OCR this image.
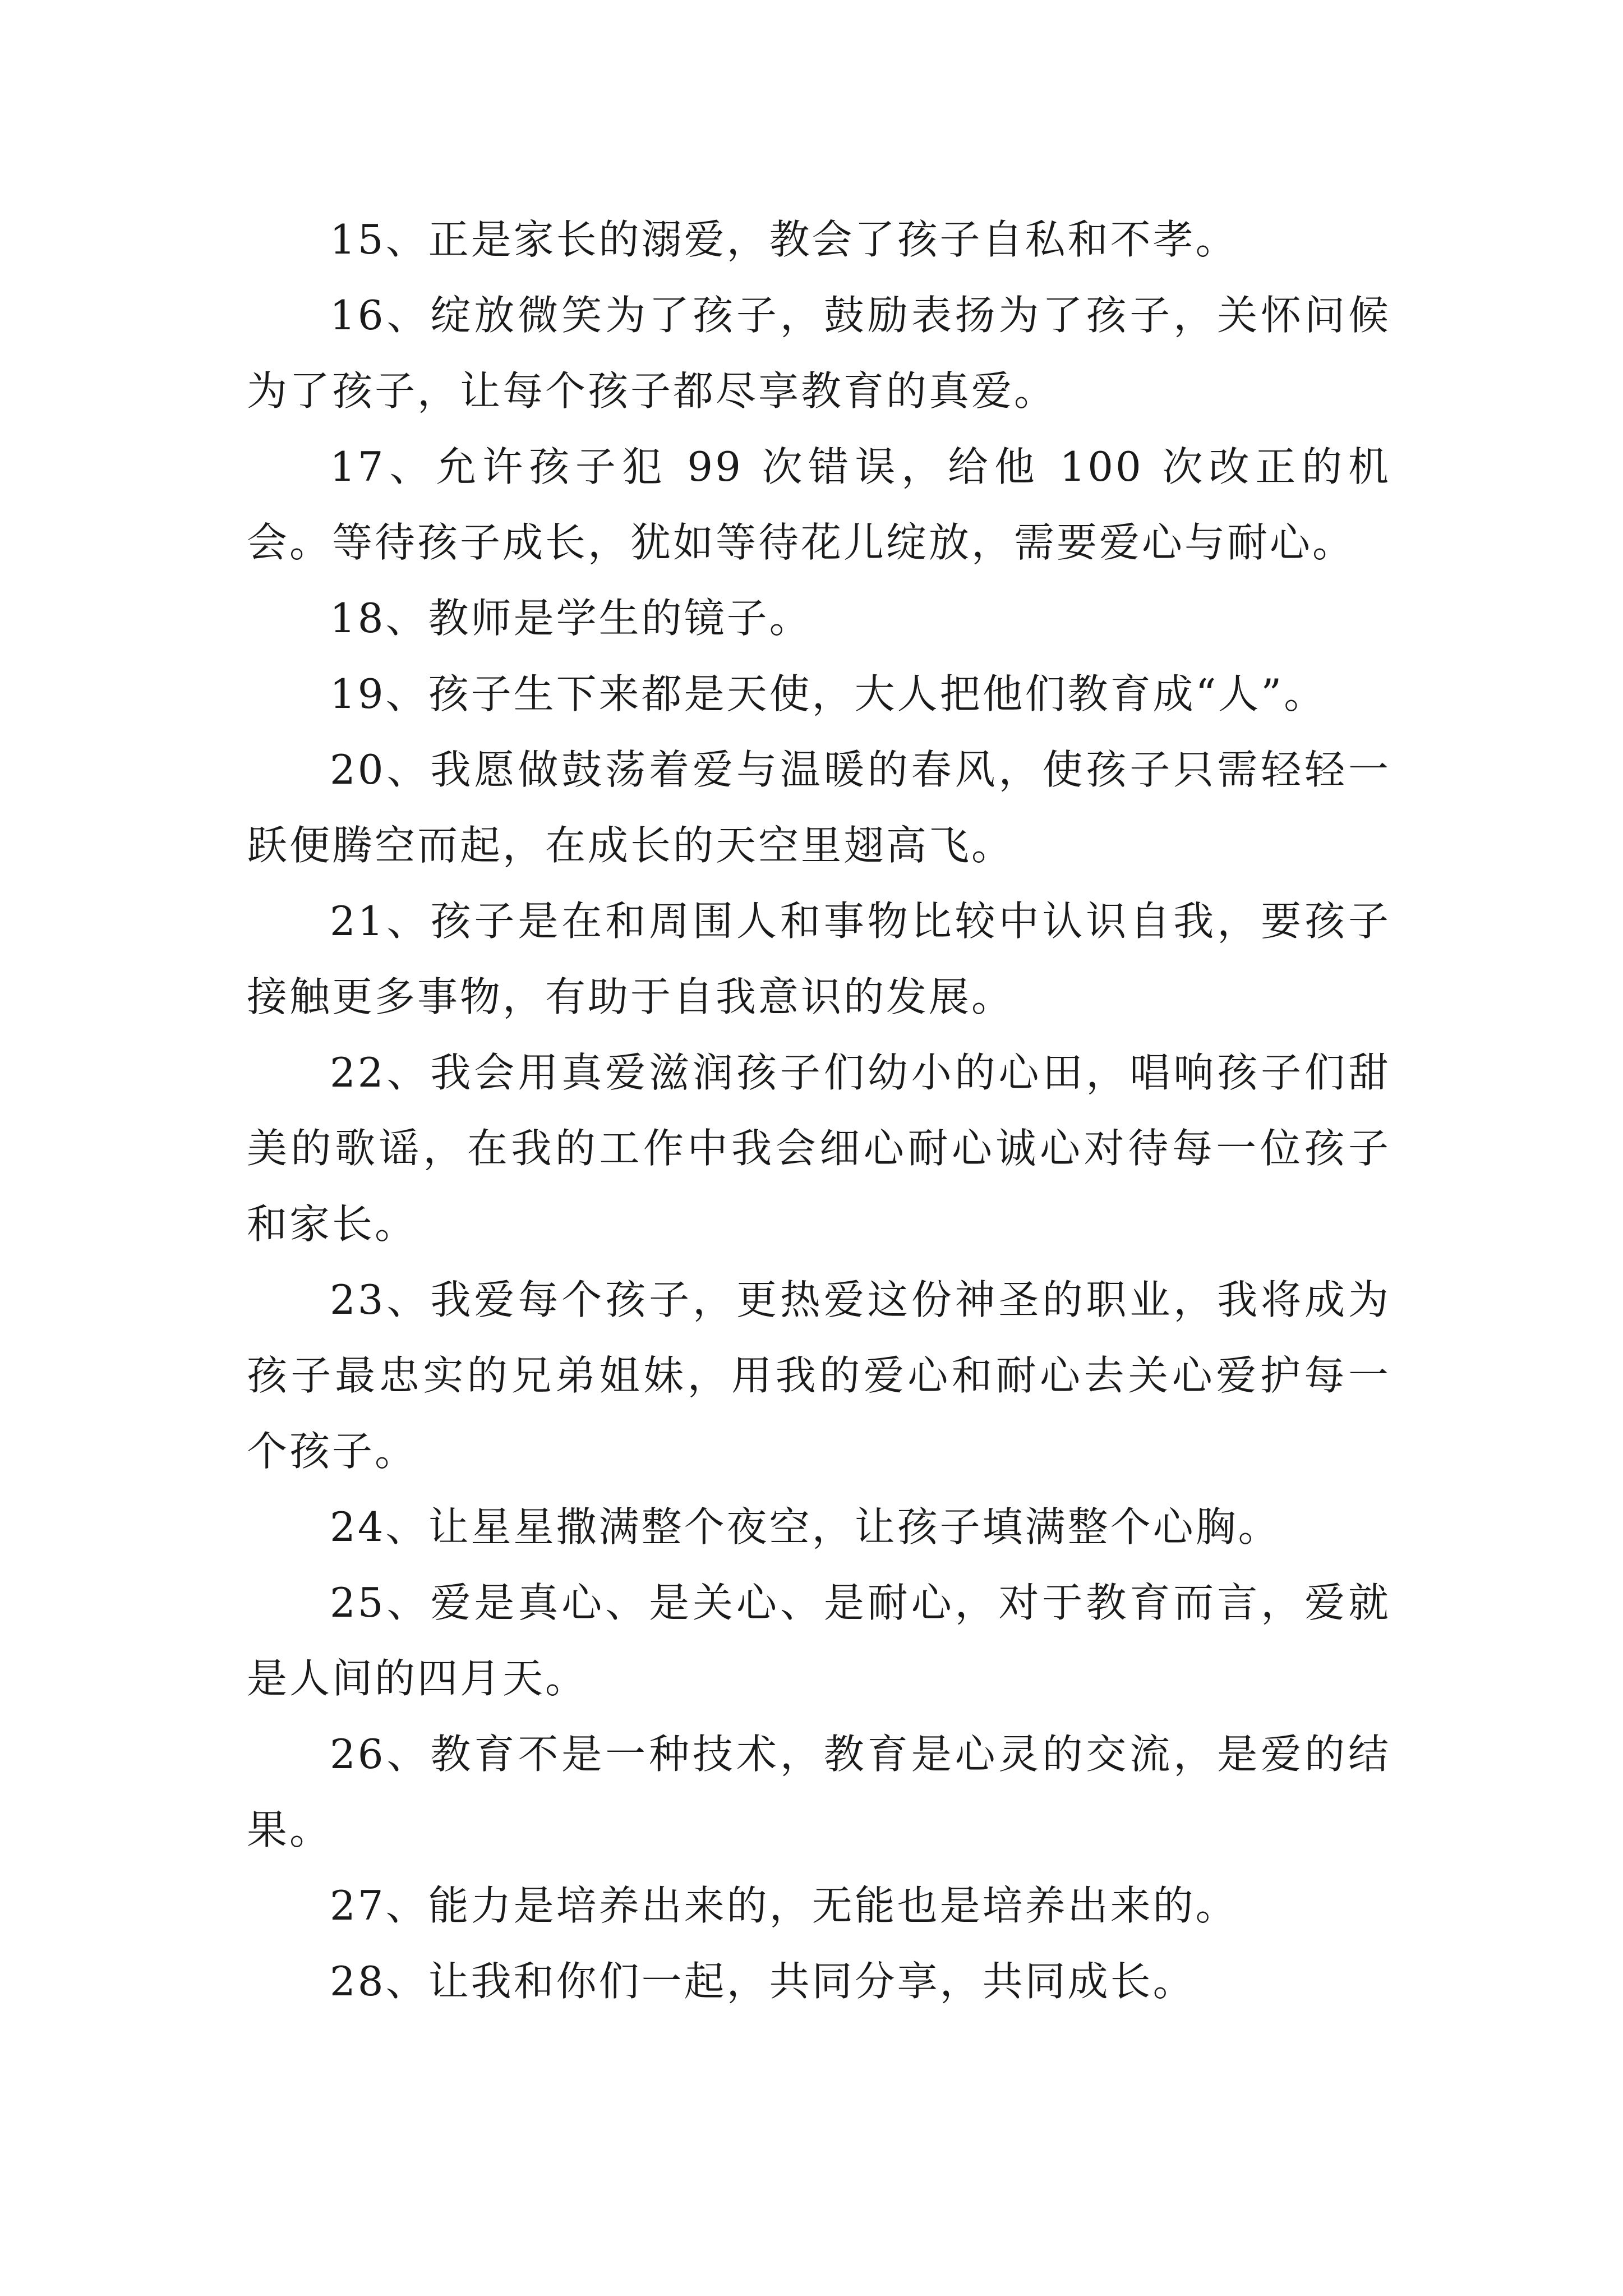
15、正是家长的溺爱，教会了孩子自私和不孝。

16、绽放微笑为了孩子，鼓励表扬为了孩子，关怀问候为了孩子，让每个孩子都尽享教育的真爱。

17、允许孩子犯 99 次错误，给他 100 次改正的机会。等待孩子成长，犹如等待花儿绽放，需要爱心与耐心。

18、教师是学生的镜子。

19、孩子生下来都是天使，大人把他们教育成“人”。

20、我愿做鼓荡着爱与温暖的春风，使孩子只需轻轻一跃便腾空而起，在成长的天空里翅高飞。

21、孩子是在和周围人和事物比较中认识自我，要孩子接触更多事物，有助于自我意识的发展。

22、我会用真爱滋润孩子们幼小的心田，唱响孩子们甜美的歌谣，在我的工作中我会细心耐心诚心对待每一位孩子和家长。

23、我爱每个孩子，更热爱这份神圣的职业，我将成为孩子最忠实的兄弟姐妹，用我的爱心和耐心去关心爱护每一个孩子。

24、让星星撒满整个夜空，让孩子填满整个心胸。

25、爱是真心、是关心、是耐心，对于教育而言，爱就是人间的四月天。

26、教育不是一种技术，教育是心灵的交流，是爱的结果。

27、能力是培养出来的，无能也是培养出来的。

28、让我和你们一起，共同分享，共同成长。
